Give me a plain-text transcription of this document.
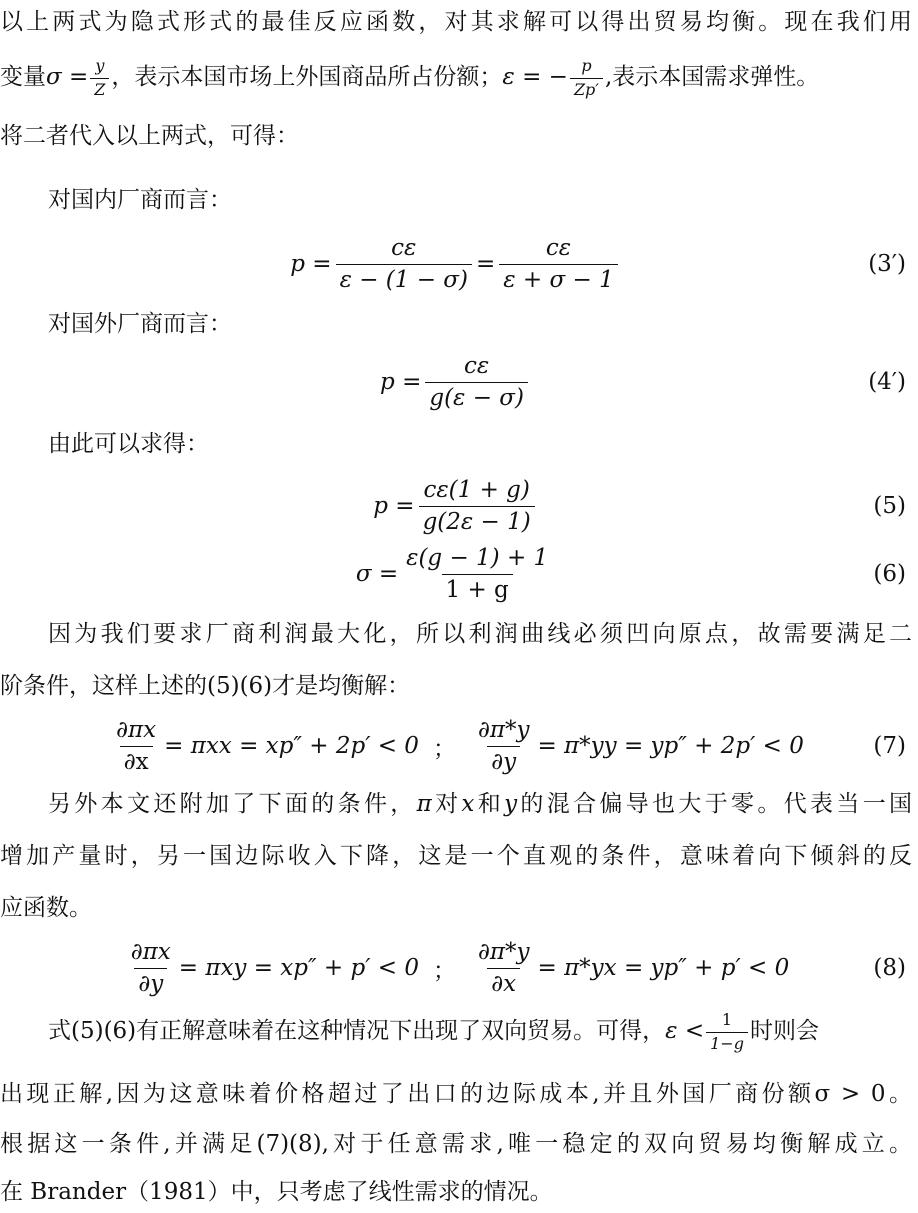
以上两式为隐式形式的最佳反应函数，对其求解可以得出贸易均衡。现在我们用
变量$\sigma = \frac{y}{Z}$ ，表示本国市场上外国商品所占份额；ε = − $\frac{p}{Zp'}$ ,表示本国需求弹性。
将二者代入以上两式，可得：
对国内厂商而言：
$p = \frac{c\varepsilon}{\varepsilon - (1 - \sigma)} = \frac{c\varepsilon}{\varepsilon + \sigma - 1}$	(3′)
对国外厂商而言：
$p = \frac{c\varepsilon}{g(\varepsilon - \sigma)}$	(4′)
由此可以求得：
$p = \frac{c\varepsilon(1 + g)}{g(2\varepsilon - 1)}$	(5)
$\sigma = \frac{\varepsilon(g - 1) + 1}{1 + g}$	(6)
因为我们要求厂商利润最大化，所以利润曲线必须凹向原点，故需要满足二
阶条件，这样上述的(5)(6)才是均衡解：
$\frac{\partial\pi x}{\partial x} = \pi xx = xp'' + 2p' < 0$ ； $\frac{\partial\pi*y}{\partial y} = \pi*yy = yp'' + 2p' < 0$	(7)
另外本文还附加了下面的条件，π对x和y的混合偏导也大于零。代表当一国
增加产量时，另一国边际收入下降，这是一个直观的条件，意味着向下倾斜的反
应函数。
$\frac{\partial\pi x}{\partial y} = \pi xy = xp'' + p' < 0$ ； $\frac{\partial\pi*y}{\partial x} = \pi*yx = yp'' + p' < 0$	(8)
式(5)(6)有正解意味着在这种情况下出现了双向贸易。可得，$\varepsilon < \frac{1}{1-g}$ 时则会
出现正解,因为这意味着价格超过了出口的边际成本,并且外国厂商份额σ > 0。
根据这一条件,并满足(7)(8),对于任意需求,唯一稳定的双向贸易均衡解成立。
在 Brander（1981）中，只考虑了线性需求的情况。
